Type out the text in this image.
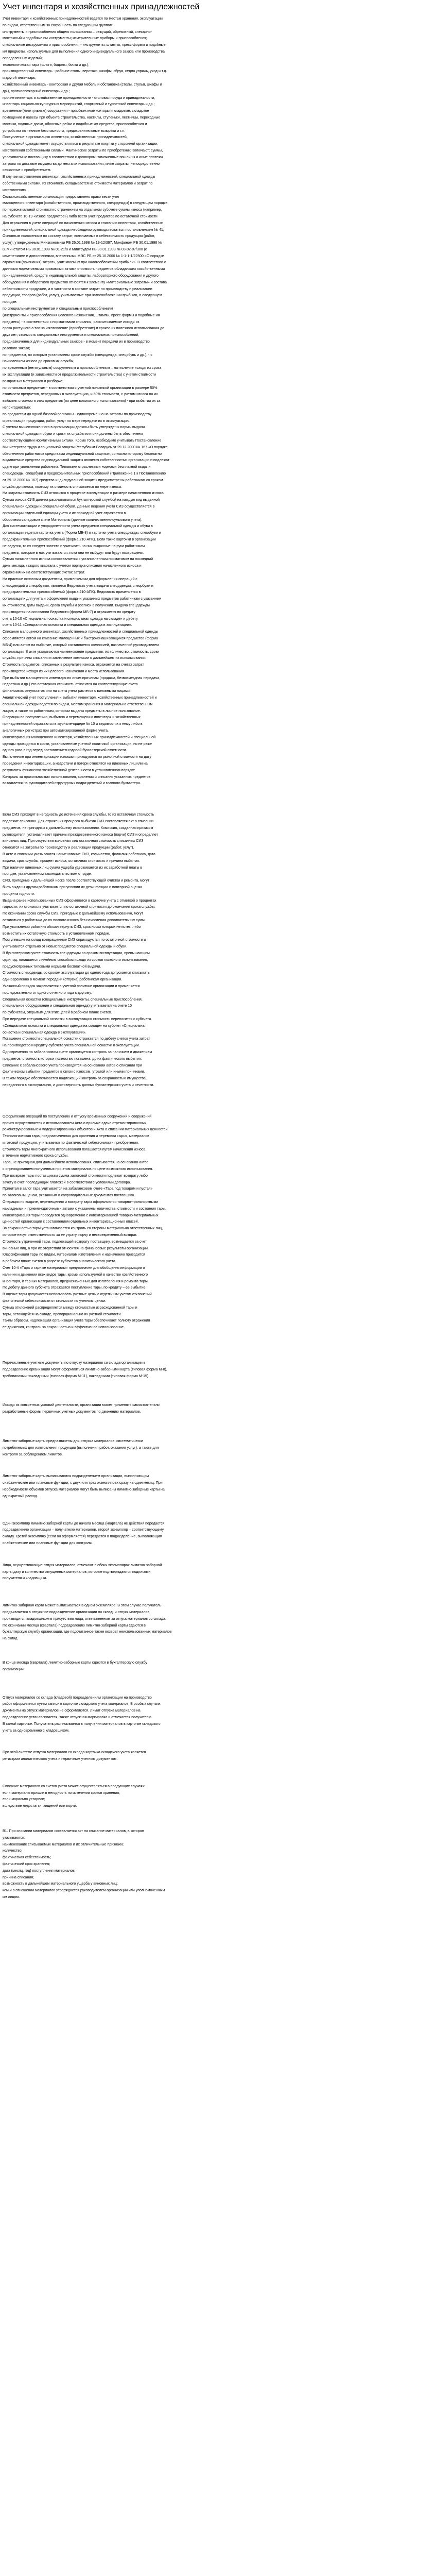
Учет инвентаря и хозяйственных принадлежностей
Учет инвентаря и хозяйственных принадлежностей ведется по местам хранения, эксплуатации
по видам, ответственным за сохранность по следующим группам:
инструменты и приспособления общего пользования – режущий, обрезивный, слесарно-
монтажный и подобные им инструменты; измерительные приборы и приспособления;
специальные инструменты и приспособления - инструменты, штампы, пресс-формы и подобные
им предметы, используемые для выполнения одного индивидуального заказа или производства
определенных изделий;
технологическая тара (фляги, бидоны, бочки и др.);
производственный инвентарь - рабочие столы, верстаки, шкафы, сбруя, седла упряжь, уход и т.д.
и другой инвентарь;
хозяйственный инвентарь - конторская и другая мебель и обстановка (столы, стулья, шкафы и
др.), противопожарный инвентарь и др.;
прочие инвентарь и хозяйственные принадлежности - столовая посуда и принадлежности,
инвентарь социально-культурных мероприятий, спортивный и туристский инвентарь и др.;
временные (нетитульные) сооружения - приобъектные конторы и кладовые, складское
помещение и навесы при объекте строительства, настилы, ступеньки, лестницы, переходные
мостики, водяные доски, обносные рейки и подобные им средства, приспособления и
устройства по технике безопасности, предохранительные козырьки и т.п.
Поступление в организацию инвентаря, хозяйственных принадлежностей,
специальной одежды может осуществляться в результате покупки у сторонней организации,
изготовления собственными силами. Фактические затраты по приобретению включают: суммы,
уплачиваемые поставщику в соответствии с договором, таможенные пошлины и иные платежи
затраты по доставке имущества до места их использования, иные затраты, непосредственно
связанные с приобретением.
В случае изготовления инвентаря, хозяйственных принадлежностей, специальной одежды
собственными силами, их стоимость складывается из стоимости материалов и затрат по
изготовлению.
Сельскохозяйственные организации предоставлено право вести учет
малоценного инвентаря (хозяйственного, производственного, спецодежды) в следующем порядке,
по первоначальной стоимости с отражением на отдельном субсчете суммы износа (например,
на субсчете 10-19 «Износ предметов») либо вести учет предметов по остаточной стоимости
Для отражения в учете операций по начислению износа и списанию инвентаря, хозяйственных
принадлежностей, специальной одежды необходимо руководствоваться постановлением № 41,
Основным положениям по составу затрат, включаемых в себестоимость продукции (работ,
услуг), утвержденным Минэкономики РБ 26.01.1998 № 19-12/397, Минфином РБ 30.01.1998 №
8, Минстатом РБ 30.01.1998 № 01-21/8 и Минтрудом РБ 30.01.1998 № 03-02-07/300 (с
изменениями и дополнениями, внесенными МЭС РБ от 25.10.2000 № 1-1-1-1/22500 «О порядке
отражения (признания) затрат», учитываемых при налогообложении прибыли». В соответствии с
данными нормативными правовыми актами стоимость предметов обладающих хозяйственными
принадлежностей, средств индивидуальной защиты, лабораторного оборудования и другого
оборудования и оборотного предметов относятся к элементу «Материальные затраты» и состава
себестоимости продукции, а в частности в составе затрат по производству и реализации
продукции, товаров (работ, услуг), учитываемые при налогообложении прибыли, в следующем
порядке:
по специальным инструментам и специальным приспособлениям
(инструменты и приспособления целевого назначения, штампы, пресс-формы и подобные им
предметы) - в соответствии с нормативами списания, рассчитываемые исходя из
срока растущего а так на изготовление (приобретение) и сроков их полезного использования до
двух лет; стоимость специальных инструментов и специальных приспособлений,
предназначенных для индивидуальных заказов - в момент передачи их в производство
разового заказа;
по предметам, по которым установлены сроки службы (спецодежда, спецобувь и др.), - с
начислением износа до сроков их службы;
по временным (нетитульным) сооружениям и приспособлениям – начисление исходя из срока
их эксплуатации (и зависимости от продолжительности строительства) с учетом стоимости
возвратных материалов и разборке;
по остальным предметам - в соответствии с учетной политикой организации в размере 50%
стоимости предметов, переданных в эксплуатацию, и 50% стоимости, с учетом износа на их
выбытия стоимости этих предметов (по цене возможного использования) - при выбытии их за
непригодностью;
по предметам до одной базовой величины - единовременно на затраты по производству
и реализации продукции, работ, услуг по мере передачи их в эксплуатацию.
С учетом вышеизложенного в организации должны быть утверждены нормы выдачи
специальной одежды и обуви и сроки их службы или они должны быть обеспечены
соответствующими нормативными актами. Кроме того, необходимо учитывать Постановление
Министерства труда и социальной защиты Республики Беларусь от 29.12.2000 № 167 «О порядке
обеспечения работников средствами индивидуальной защиты», согласно которому бесплатно
выдаваемые средства индивидуальной защиты является собственностью организации и подлежат
сдаче при увольнении работника. Типовыми отраслевыми нормами бесплатной выдачи
спецодежды, спецобуви и предохранительных приспособлений (Приложение 1 к Постановлению
от 29.12.2000 № 167) средства индивидуальной защиты предусмотрены работникам со сроком
службы до износа, поэтому их стоимость списывается по мере износа.
На затраты стоимость СИЗ относится в процессе эксплуатации в размере начисленного износа.
Сумма износа СИЗ должна рассчитываться бухгалтерской службой на каждую вид выданной
специальной одежды и специальной обуви. Данные ведения учета СИЗ осуществляется в
организации отдельной единицы учета и их проходной учет отражается в
оборотном сальдовом счете Материалы (данные количественно-суммового учета).
Для систематизации и упорядоченности учета предметов специальной одежды и обуви в
организации ведется карточка учета (Форма МБ-8) и карточки учета спецодежды, спецобуви и
предохранительных приспособлений (форма 210-АПК). Если такие карточки в организации
не ведутся, то их следует завести и учитывать на них выданные на руки работникам
предметы, которые в них учитываются, пока они не выбудут или будут возвращены.
Сумма начисленного износа сопоставляется с установленным нормативом на последний
день месяца, каждого квартала с учетом порядка списания начисленного износа и
отражения их на соответствующих счетах затрат.
На практике основным документом, применяемым для оформления операций с
спецодеждой и спецобувью, является Ведомость учета выдачи спецодежды, спецобуви и
предохранительных приспособлений (форма 210-АПК). Ведомость применяется в
организациях для учета и оформления выдачи указанных предметов работникам с указанием
их стоимости, даты выдачи, срока службы и росписи в получении. Выдача спецодежды
производится на основании Ведомости (форма МБ-7) и отражается по кредиту
счета 10-10 «Специальная оснастка и специальная одежда на складе» и дебету
счета 10-11 «Специальная оснастка и специальная одежда в эксплуатации».
Списание малоценного инвентаря, хозяйственных принадлежностей и специальной одежды
оформляется актом на списание малоценных и быстроизнашивающихся предметов (форма
МБ-4) или актом на выбытие, который составляется комиссией, назначенной руководителем
организации. В акте указываются наименование предметов, их количество, стоимость, сроки
службы, причины списания и заключение комиссии о дальнейшем их использовании.
Стоимость предметов, списанных в результате износа, отражается на счетах затрат
производства исходя из их целевого назначения и места использования.
При выбытии малоценного инвентаря по иным причинам (продажа, безвозмездная передача,
недостача и др.) его остаточная стоимость относится на соответствующие счета
финансовых результатов или на счета учета расчетов с виновными лицами.
Аналитический учет поступления и выбытия инвентаря, хозяйственных принадлежностей и
специальной одежды ведется по видам, местам хранения и материально ответственным
лицам, а также по работникам, которым выданы предметы в личное пользование.
Операции по поступлению, выбытию и перемещению инвентаря и хозяйственных
принадлежностей отражаются в журнале-ордере № 10 и ведомостях к нему либо в
аналогичных регистрах при автоматизированной форме учета.
Инвентаризация малоценного инвентаря, хозяйственных принадлежностей и специальной
одежды проводится в сроки, установленные учетной политикой организации, но не реже
одного раза в год перед составлением годовой бухгалтерской отчетности.
Выявленные при инвентаризации излишки приходуются по рыночной стоимости на дату
проведения инвентаризации, а недостачи и потери относятся на виновных лиц или на
результаты финансово-хозяйственной деятельности в установленном порядке.
Контроль за правильностью использования, хранения и списания указанных предметов
возлагается на руководителей структурных подразделений и главного бухгалтера.
Если СИЗ приходят в негодность до истечения срока службы, то их остаточная стоимость
подлежит списанию. Для отражения процесса выбытия СИЗ составляется акт о списании
предметов, не пригодных к дальнейшему использованию. Комиссия, созданная приказом
руководителя, устанавливает причины преждевременного износа (порчи) СИЗ и определяет
виновных лиц. При отсутствии виновных лиц остаточная стоимость списанных СИЗ
относится на затраты по производству и реализации продукции (работ, услуг).
В акте о списании указываются наименование СИЗ, количество, фамилия работника, дата
выдачи, срок службы, процент износа, остаточная стоимость и причина выбытия.
При наличии виновных лиц сумма ущерба удерживается из их заработной платы в
порядке, установленном законодательством о труде.
СИЗ, пригодные к дальнейшей носке после соответствующей очистки и ремонта, могут
быть выданы другим работникам при условии их дезинфекции и повторной оценки
процента годности.
Выдача ранее использованных СИЗ оформляется в карточке учета с отметкой о процентах
годности; их стоимость учитывается по остаточной стоимости до окончания срока службы.
По окончании срока службы СИЗ, пригодные к дальнейшему использованию, могут
оставаться у работника до их полного износа без начисления дополнительных сумм.
При увольнении работник обязан вернуть СИЗ, срок носки которых не истек, либо
возместить их остаточную стоимость в установленном порядке.
Поступившие на склад возвращенные СИЗ оприходуются по остаточной стоимости и
учитываются отдельно от новых предметов специальной одежды и обуви.
В бухгалтерском учете стоимость спецодежды со сроком эксплуатации, превышающим
один год, погашается линейным способом исходя из сроков полезного использования,
предусмотренных типовыми нормами бесплатной выдачи.
Стоимость спецодежды со сроком эксплуатации до одного года допускается списывать
единовременно в момент передачи (отпуска) работникам организации.
Указанный порядок закрепляется в учетной политике организации и применяется
последовательно от одного отчетного года к другому.
Специальная оснастка (специальные инструменты, специальные приспособления,
специальное оборудование и специальная одежда) учитывается на счете 10
по субсчетам, открытым для этих целей в рабочем плане счетов.
При передаче специальной оснастки в эксплуатацию стоимость переносится с субсчета
«Специальная оснастка и специальная одежда на складе» на субсчет «Специальная
оснастка и специальная одежда в эксплуатации».
Погашение стоимости специальной оснастки отражается по дебету счетов учета затрат
на производство и кредиту субсчета учета специальной оснастки в эксплуатации.
Одновременно на забалансовом счете организуется контроль за наличием и движением
предметов, стоимость которых полностью погашена, до их фактического выбытия.
Списание с забалансового учета производится на основании актов о списании при
фактическом выбытии предметов в связи с износом, утратой или иными причинами.
В таком порядке обеспечивается надлежащий контроль за сохранностью имущества,
переданного в эксплуатацию, и достоверность данных бухгалтерского учета и отчетности.
Оформление операций по поступлению и отпуску временных сооружений и сооружений
прочих осуществляется с использованием Акта о приемке-сдаче отремонтированных,
реконструированных и модернизированных объектов и Акта о списании материальных ценностей.
Технологическая тара, предназначенная для хранения и перевозки сырья, материалов
и готовой продукции, учитывается по фактической себестоимости приобретения.
Стоимость тары многократного использования погашается путем начисления износа
в течение нормативного срока службы.
Тара, не пригодная для дальнейшего использования, списывается на основании актов
с оприходованием полученных при этом материалов по цене возможного использования.
При возврате тары поставщикам сумма залоговой стоимости подлежит возврату либо
зачету в счет последующих платежей в соответствии с условиями договора.
Принятая в залог тара учитывается на забалансовом счете «Тара под товаром и пустая»
по залоговым ценам, указанным в сопроводительных документах поставщика.
Операции по выдаче, перемещению и возврату тары оформляются товарно-транспортными
накладными и приемо-сдаточными актами с указанием количества, стоимости и состояния тары.
Инвентаризация тары проводится одновременно с инвентаризацией товарно-материальных
ценностей организации с составлением отдельных инвентаризационных описей.
За сохранностью тары устанавливается контроль со стороны материально ответственных лиц,
которые несут ответственность за ее утрату, порчу и несвоевременный возврат.
Стоимость утраченной тары, подлежащей возврату поставщику, возмещается за счет
виновных лиц, а при их отсутствии относится на финансовые результаты организации.
Классификация тары по видам, материалам изготовления и назначению приводится
в рабочем плане счетов в разрезе субсчетов аналитического учета.
Счет 10-4 «Тара и тарные материалы» предназначен для обобщения информации о
наличии и движении всех видов тары, кроме используемой в качестве хозяйственного
инвентаря, и тарных материалов, предназначенных для изготовления и ремонта тары.
По дебету данного субсчета отражается поступление тары, по кредиту – ее выбытие.
В оценке тары допускается использовать учетные цены с отдельным учетом отклонений
фактической себестоимости от стоимости по учетным ценам.
Сумма отклонений распределяется между стоимостью израсходованной тары и
тары, остающейся на складе, пропорционально их учетной стоимости.
Таким образом, надлежащая организация учета тары обеспечивает полноту отражения
ее движения, контроль за сохранностью и эффективное использование.
Перечисленные учетные документы по отпуску материалов со склада организации в
подразделение организации могут оформляться лимитно-заборными карта (типовая форма М-8),
требованиями-накладными (типовая форма М-11), накладными (типовая форма М-15).
Исходя из конкретных условий деятельности, организации может применять самостоятельно
разработанные формы первичных учетных документов по движению материалов.
Лимитно-заборные карты предназначены для отпуска материалов, систематически
потребляемых для изготовления продукции (выполнения работ, оказания услуг), а также для
контроля за соблюдением лимитов.
Лимитно-заборные карты выписываются подразделением организации, выполняющим
снабженческие или плановые функции, с двух или трех экземплярах сразу на один месяц. При
необходимости объемов отпуска материалов могут быть выписаны лимитно-заборные карты на
однократный расход.
Один экземпляр лимитно-заборной карты до начала месяца (квартала) не действия передается
подразделению организации – получателю материалов, второй экземпляр – соответствующему
складу. Третий экземпляр (если он оформляется) передается в подразделение, выполняющим
снабженческие или плановые функции для контроля.
Лица, осуществляющие отпуск материалов, отмечают в обоих экземплярах лимитно-заборной
карты дату и количество отпущенных материалов, которые подтверждаются подписями
получателя и кладовщика.
Лимитно-заборная карта может выписываться в одном экземпляре. В этом случае получатель
предъявляется в отпускное подразделение организации на склад, и отпуск материалов
производится кладовщиком в присутствии лица, ответственным за отпуск материалов со склада.
По окончании месяца (квартала) подразделению лимитно-заборной карты сдаются в
бухгалтерскую службу организации, где подсчитанное также возврат неиспользованных материалов
на склад.
В конце месяца (квартала) лимитно-заборные карты сдаются в бухгалтерскую службу
организации.
Отпуск материалов со склада (кладовой) подразделениям организации на производство
работ оформляется путем записи в карточке складского учета материалов. В особых случаях
документы на отпуск материалов не оформляются. Лимит отпуска материалов на
подразделение устанавливается, также отпускная маркировка и отмечается получателю.
В самой карточке. Получатель расписывается в получении материалов в карточке складского
учета за одновременно с кладовщиком.
При этой системе отпуска материалов со склада карточка складского учета является
регистром аналитического учета и первичным учетным документом.
Списание материалов со счетов учета может осуществляться в следующих случаях:
если материалы пришли в негодность по истечении сроков хранения;
если морально устарели;
вследствие недостатки, хищений или порчи.
В1. При списании материалов составляется акт на списание материалов, в котором
указываются:
наименование списываемых материалов и их отличительные признаки;
количество;
фактическая себестоимость;
фактический срок хранения;
дата (месяц, год) поступления материалов;
причина списания;
возможность в дальнейшем материального ущерба у виновных лиц;
кем и в отношении материалов утверждается руководителем организации или уполномоченным
им лицом.
